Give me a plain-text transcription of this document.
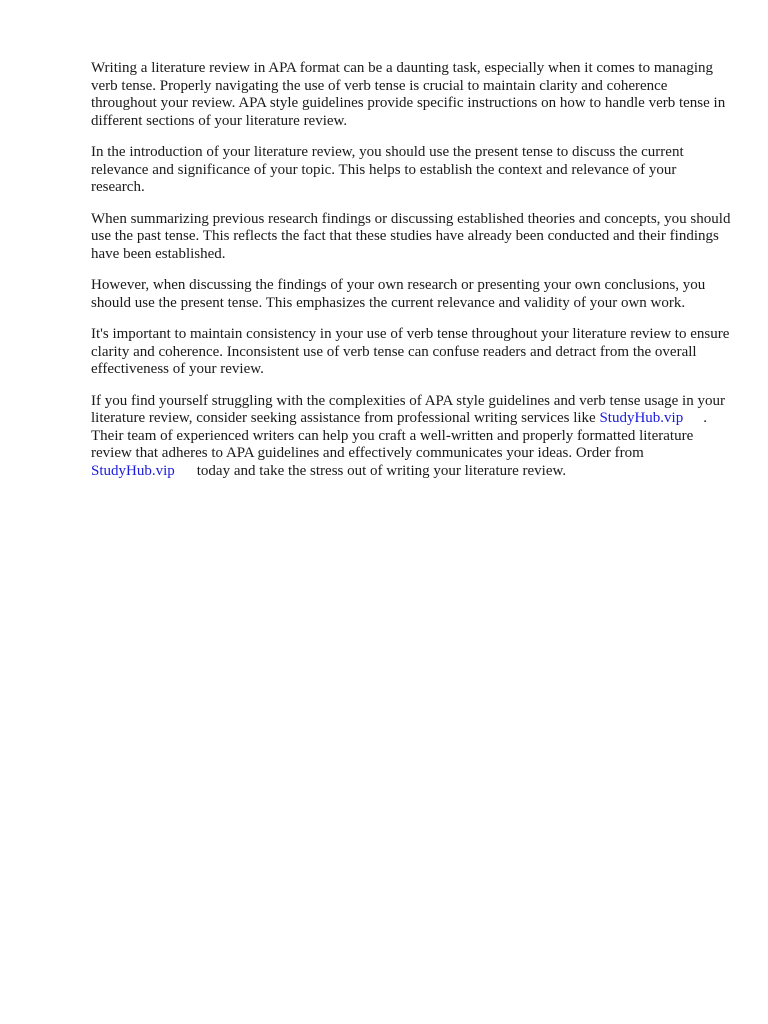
Writing a literature review in APA format can be a daunting task, especially when it comes to managing verb tense. Properly navigating the use of verb tense is crucial to maintain clarity and coherence throughout your review. APA style guidelines provide specific instructions on how to handle verb tense in different sections of your literature review.

In the introduction of your literature review, you should use the present tense to discuss the current relevance and significance of your topic. This helps to establish the context and relevance of your research.

When summarizing previous research findings or discussing established theories and concepts, you should use the past tense. This reflects the fact that these studies have already been conducted and their findings have been established.

However, when discussing the findings of your own research or presenting your own conclusions, you should use the present tense. This emphasizes the current relevance and validity of your own work.

It's important to maintain consistency in your use of verb tense throughout your literature review to ensure clarity and coherence. Inconsistent use of verb tense can confuse readers and detract from the overall effectiveness of your review.

If you find yourself struggling with the complexities of APA style guidelines and verb tense usage in your literature review, consider seeking assistance from professional writing services like StudyHub.vip . Their team of experienced writers can help you craft a well-written and properly formatted literature review that adheres to APA guidelines and effectively communicates your ideas. Order fromStudyHub.vip today and take the stress out of writing your literature review.
